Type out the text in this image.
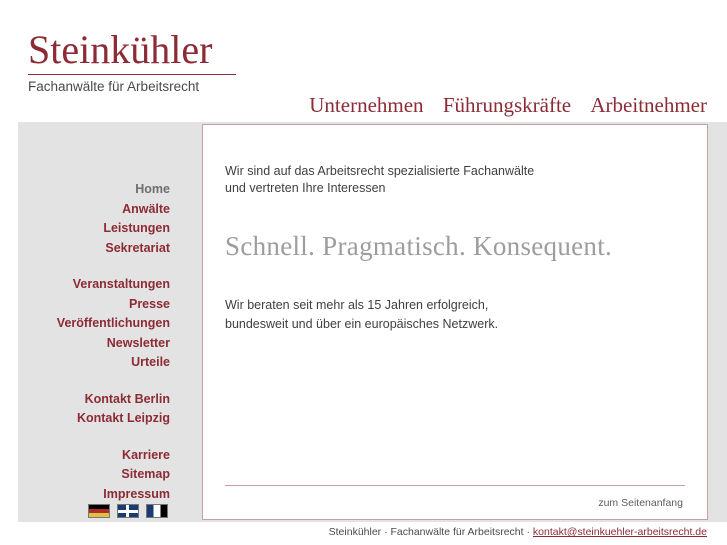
Steinkühler
Fachanwälte für Arbeitsrecht
Unternehmen Führungskräfte Arbeitnehmer
Home
Anwälte
Leistungen
Sekretariat
Veranstaltungen
Presse
Veröffentlichungen
Newsletter
Urteile
Kontakt Berlin
Kontakt Leipzig
Karriere
Sitemap
Impressum
Wir sind auf das Arbeitsrecht spezialisierte Fachanwälte
und vertreten Ihre Interessen
Schnell. Pragmatisch. Konsequent.
Wir beraten seit mehr als 15 Jahren erfolgreich,
bundesweit und über ein europäisches Netzwerk.
zum Seitenanfang
Steinkühler · Fachanwälte für Arbeitsrecht · kontakt@steinkuehler-arbeitsrecht.de
